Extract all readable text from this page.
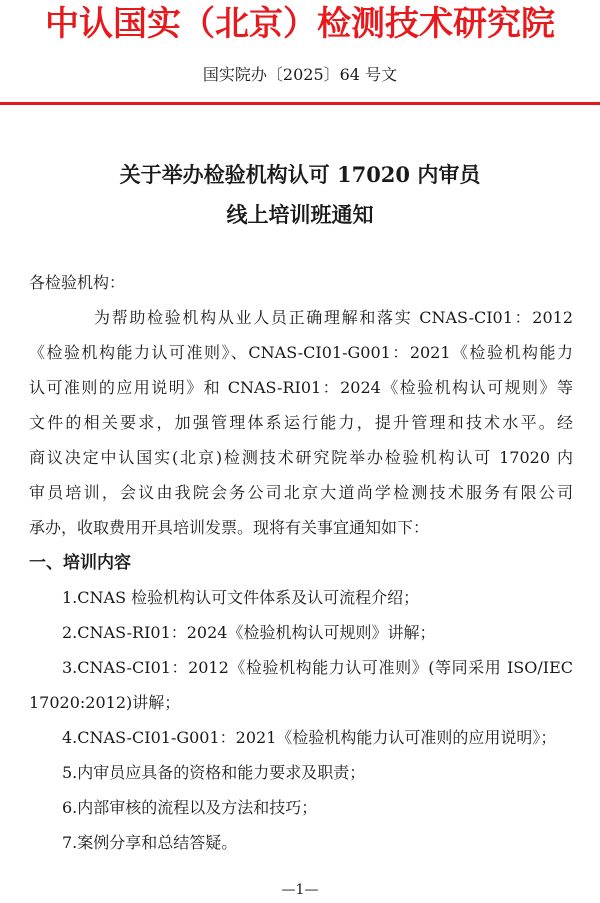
中认国实（北京）检测技术研究院
国实院办〔2025〕64 号文
关于举办检验机构认可 17020 内审员
线上培训班通知
各检验机构：
为帮助检验机构从业人员正确理解和落实 CNAS-CI01：2012
《检验机构能力认可准则》、CNAS-CI01-G001：2021《检验机构能力
认可准则的应用说明》和 CNAS-RI01：2024《检验机构认可规则》等
文件的相关要求，加强管理体系运行能力，提升管理和技术水平。经
商议决定中认国实(北京)检测技术研究院举办检验机构认可 17020 内
审员培训，会议由我院会务公司北京大道尚学检测技术服务有限公司
承办，收取费用开具培训发票。现将有关事宜通知如下：
一、培训内容
1.CNAS 检验机构认可文件体系及认可流程介绍；
2.CNAS-RI01：2024《检验机构认可规则》讲解；
3.CNAS-CI01：2012《检验机构能力认可准则》(等同采用 ISO/IEC
17020:2012)讲解；
4.CNAS-CI01-G001：2021《检验机构能力认可准则的应用说明》；
5.内审员应具备的资格和能力要求及职责；
6.内部审核的流程以及方法和技巧；
7.案例分享和总结答疑。
—1—
